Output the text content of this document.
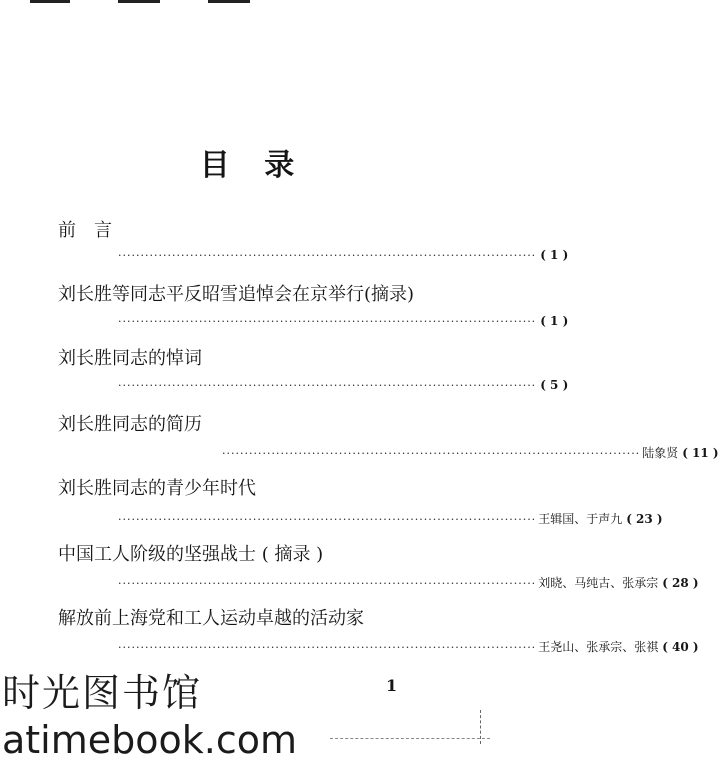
目 录
前　言
····························································································· ( 1 )
刘长胜等同志平反昭雪追悼会在京举行(摘录)
····························································································· ( 1 )
刘长胜同志的悼词
····························································································· ( 5 )
刘长胜同志的简历
····························································································· 陆象贤 ( 11 )
刘长胜同志的青少年时代
····························································································· 王辑国、于声九 ( 23 )
中国工人阶级的坚强战士 ( 摘录 )
····························································································· 刘晓、马纯古、张承宗 ( 28 )
解放前上海党和工人运动卓越的活动家
····························································································· 王尧山、张承宗、张祺 ( 40 )
1
时光图书馆
atimebook.com
